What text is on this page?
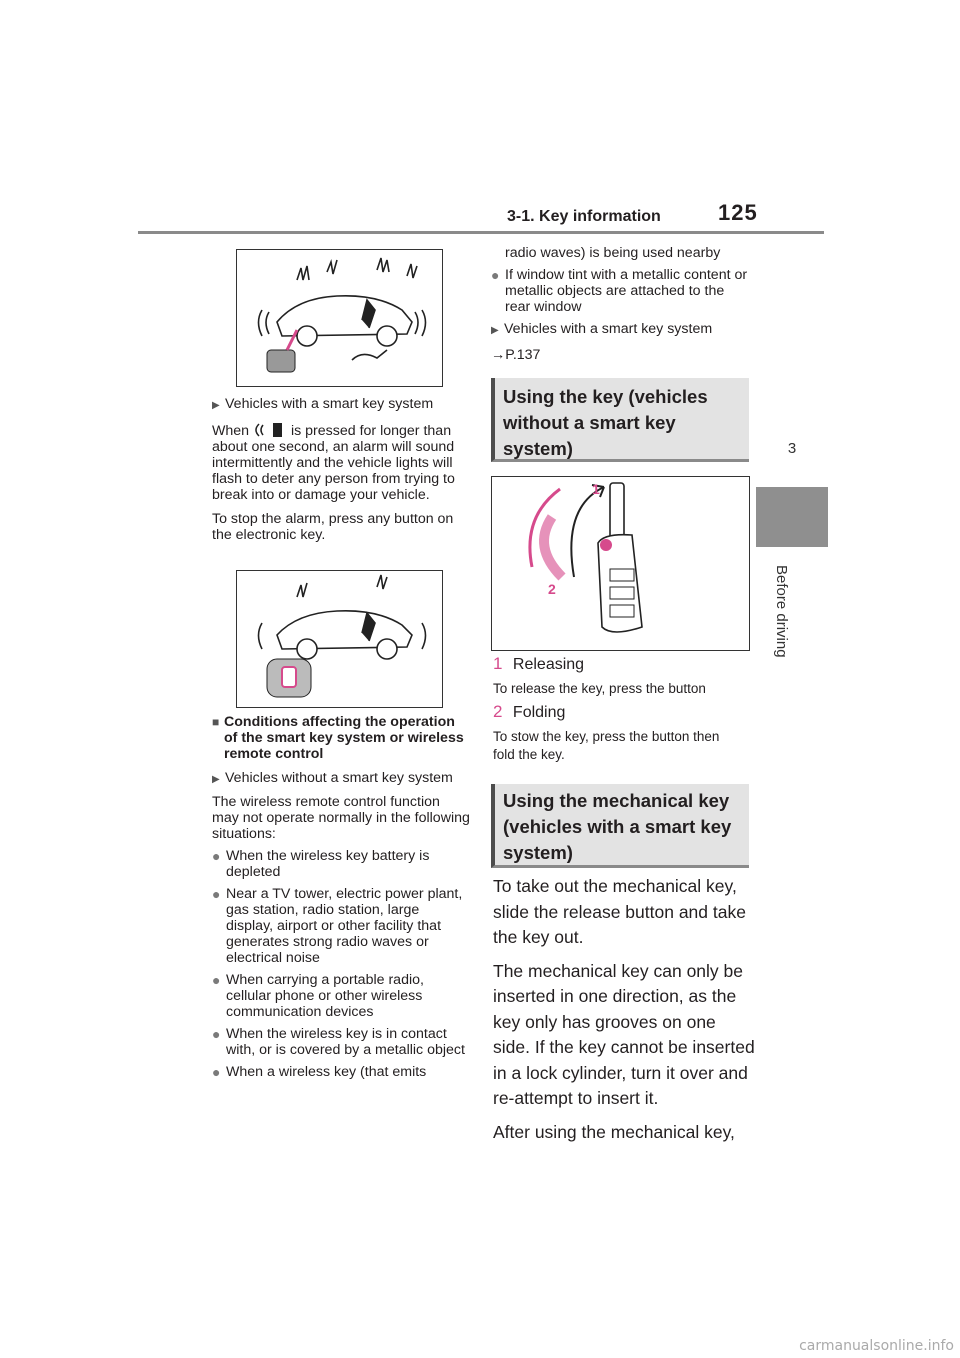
3-1. Key information	125
3
Before driving
▶ Vehicles with a smart key system
When	is pressed for longer than about one second, an alarm will sound intermittently and the vehicle lights will flash to deter any person from trying to break into or damage your vehicle.
To stop the alarm, press any button on the electronic key.
■ Conditions affecting the operation of the smart key system or wireless remote control
▶ Vehicles without a smart key system
The wireless remote control function may not operate normally in the following situations:
● When the wireless key battery is depleted
● Near a TV tower, electric power plant, gas station, radio station, large display, airport or other facility that generates strong radio waves or electrical noise
● When carrying a portable radio, cellular phone or other wireless communication devices
● When the wireless key is in contact with, or is covered by a metallic object
● When a wireless key (that emits
radio waves) is being used nearby
● If window tint with a metallic content or metallic objects are attached to the rear window
▶ Vehicles with a smart key system
→P.137
Using the key (vehicles without a smart key system)
1
2
1 Releasing
To release the key, press the button
2 Folding
To stow the key, press the button then fold the key.
Using the mechanical key (vehicles with a smart key system)
To take out the mechanical key, slide the release button and take the key out.
The mechanical key can only be inserted in one direction, as the key only has grooves on one side. If the key cannot be inserted in a lock cylinder, turn it over and re-attempt to insert it.
After using the mechanical key,
carmanualsonline.info
